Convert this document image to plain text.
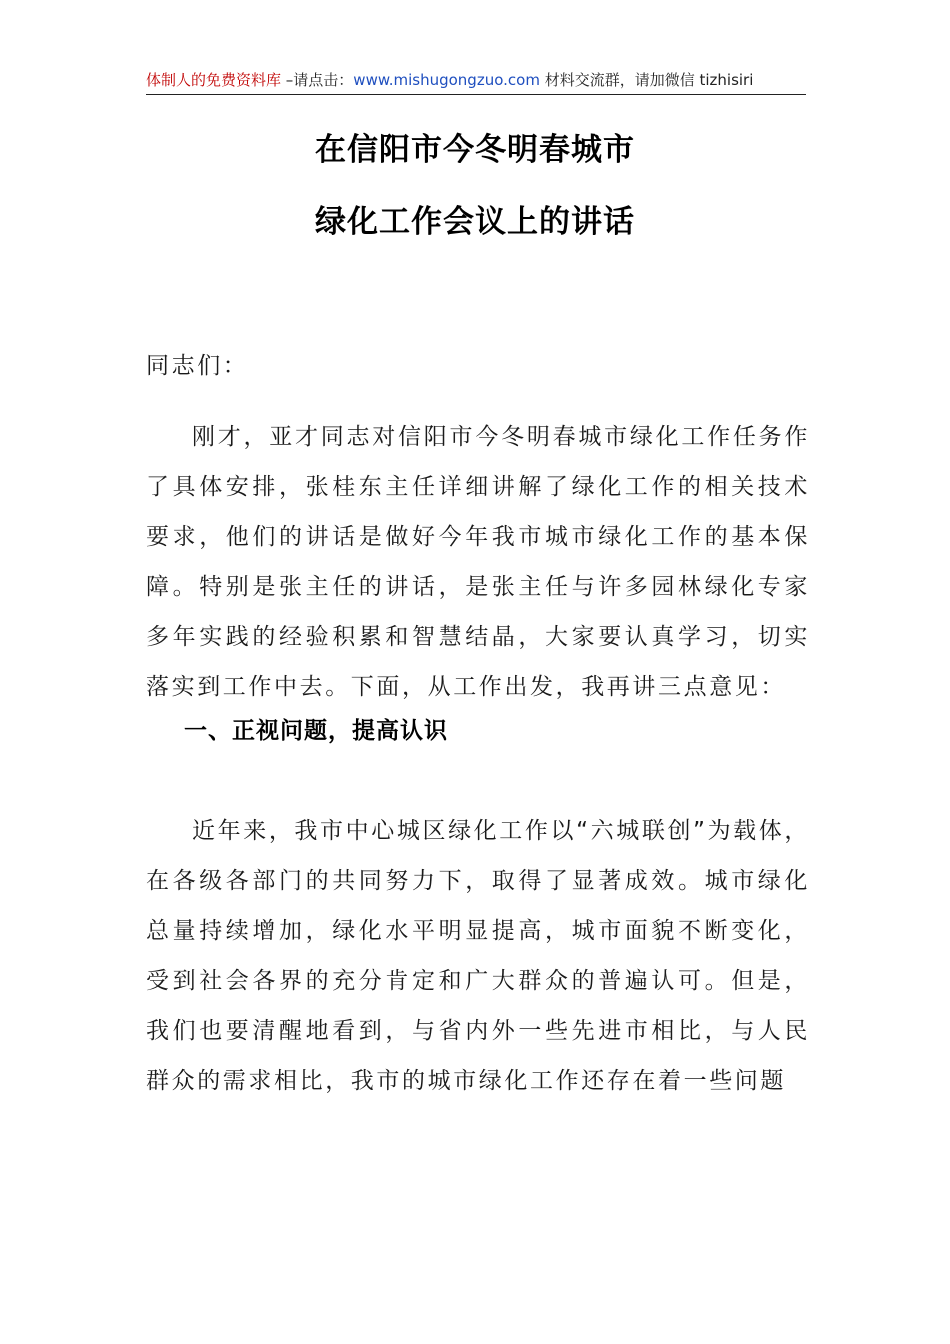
体制人的免费资料库 –请点击：www.mishugongzuo.com 材料交流群，请加微信 tizhisiri
在信阳市今冬明春城市
绿化工作会议上的讲话
同志们：
刚才，亚才同志对信阳市今冬明春城市绿化工作任务作了具体安排，张桂东主任详细讲解了绿化工作的相关技术要求，他们的讲话是做好今年我市城市绿化工作的基本保障。特别是张主任的讲话，是张主任与许多园林绿化专家多年实践的经验积累和智慧结晶，大家要认真学习，切实落实到工作中去。下面，从工作出发，我再讲三点意见：
一、正视问题，提高认识
近年来，我市中心城区绿化工作以“六城联创”为载体，在各级各部门的共同努力下，取得了显著成效。城市绿化总量持续增加，绿化水平明显提高，城市面貌不断变化，受到社会各界的充分肯定和广大群众的普遍认可。但是，我们也要清醒地看到，与省内外一些先进市相比，与人民群众的需求相比，我市的城市绿化工作还存在着一些问题
